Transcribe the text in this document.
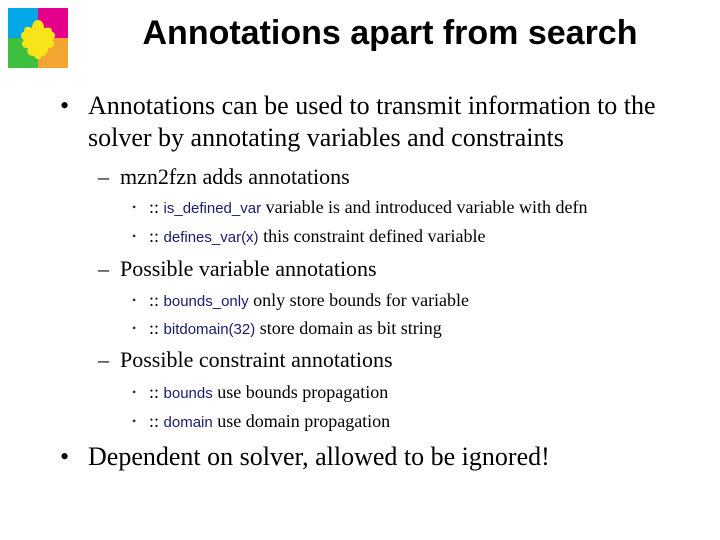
Annotations apart from search
• Annotations can be used to transmit information to the solver by annotating variables and constraints
– mzn2fzn adds annotations
• :: is_defined_var variable is and introduced variable with defn
• :: defines_var(x) this constraint defined variable
– Possible variable annotations
• :: bounds_only only store bounds for variable
• :: bitdomain(32) store domain as bit string
– Possible constraint annotations
• :: bounds use bounds propagation
• :: domain use domain propagation
• Dependent on solver, allowed to be ignored!
